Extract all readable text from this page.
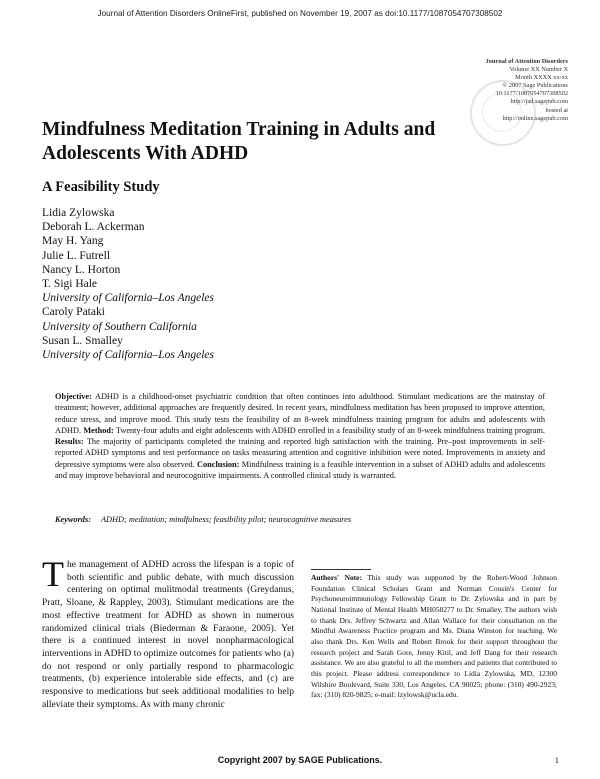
Journal of Attention Disorders OnlineFirst, published on November 19, 2007 as doi:10.1177/1087054707308502
Journal of Attention Disorders
Volume XX Number X
Month XXXX xx-xx
© 2007 Sage Publications
10.1177/1087054707308502
http://jad.sagepub.com
hosted at
http://online.sagepub.com
Mindfulness Meditation Training in Adults and Adolescents With ADHD
A Feasibility Study
Lidia Zylowska
Deborah L. Ackerman
May H. Yang
Julie L. Futrell
Nancy L. Horton
T. Sigi Hale
University of California–Los Angeles
Caroly Pataki
University of Southern California
Susan L. Smalley
University of California–Los Angeles

Objective: ADHD is a childhood-onset psychiatric condition that often continues into adulthood. Stimulant medications are the mainstay of treatment; however, additional approaches are frequently desired. In recent years, mindfulness meditation has been proposed to improve attention, reduce stress, and improve mood. This study tests the feasibility of an 8-week mindfulness training program for adults and adolescents with ADHD. Method: Twenty-four adults and eight adolescents with ADHD enrolled in a feasibility study of an 8-week mindfulness training program. Results: The majority of participants completed the training and reported high satisfaction with the training. Pre–post improvements in self-reported ADHD symptoms and test performance on tasks measuring attention and cognitive inhibition were noted. Improvements in anxiety and depressive symptoms were also observed. Conclusion: Mindfulness training is a feasible intervention in a subset of ADHD adults and adolescents and may improve behavioral and neurocognitive impairments. A controlled clinical study is warranted.

Keywords: ADHD; meditation; mindfulness; feasibility pilot; neurocognitive measures

The management of ADHD across the lifespan is a topic of both scientific and public debate, with much discussion centering on optimal mulitmodal treatments (Greydanus, Pratt, Sloane, & Rappley, 2003). Stimulant medications are the most effective treatment for ADHD as shown in numerous randomized clinical trials (Biederman & Faraone, 2005). Yet there is a continued interest in novel nonpharmacological interventions in ADHD to optimize outcomes for patients who (a) do not respond or only partially respond to pharmacologic treatments, (b) experience intolerable side effects, and (c) are responsive to medications but seek additional modalities to help alleviate their symptoms. As with many chronic

Authors' Note: This study was supported by the Robert-Wood Johnson Foundation Clinical Scholars Grant and Norman Cousin's Center for Psychoneuroimmunology Fellowship Grant to Dr. Zylowska and in part by National Institute of Mental Health MH058277 to Dr. Smalley. The authors wish to thank Drs. Jeffrey Schwartz and Allan Wallace for their consultation on the Mindful Awareness Practice program and Ms. Diana Winston for teaching. We also thank Drs. Ken Wells and Robert Brook for their support throughout the research project and Sarah Gore, Jenny Kitil, and Jeff Dang for their research assistance. We are also grateful to all the members and patients that contributed to this project. Please address correspondence to Lidia Zylowska, MD, 12300 Wilshire Boulevard, Suite 330, Los Angeles, CA 90025; phone: (310) 490-2923; fax: (310) 820-9825; e-mail: lzylowsk@ucla.edu.

Copyright 2007 by SAGE Publications.	1
